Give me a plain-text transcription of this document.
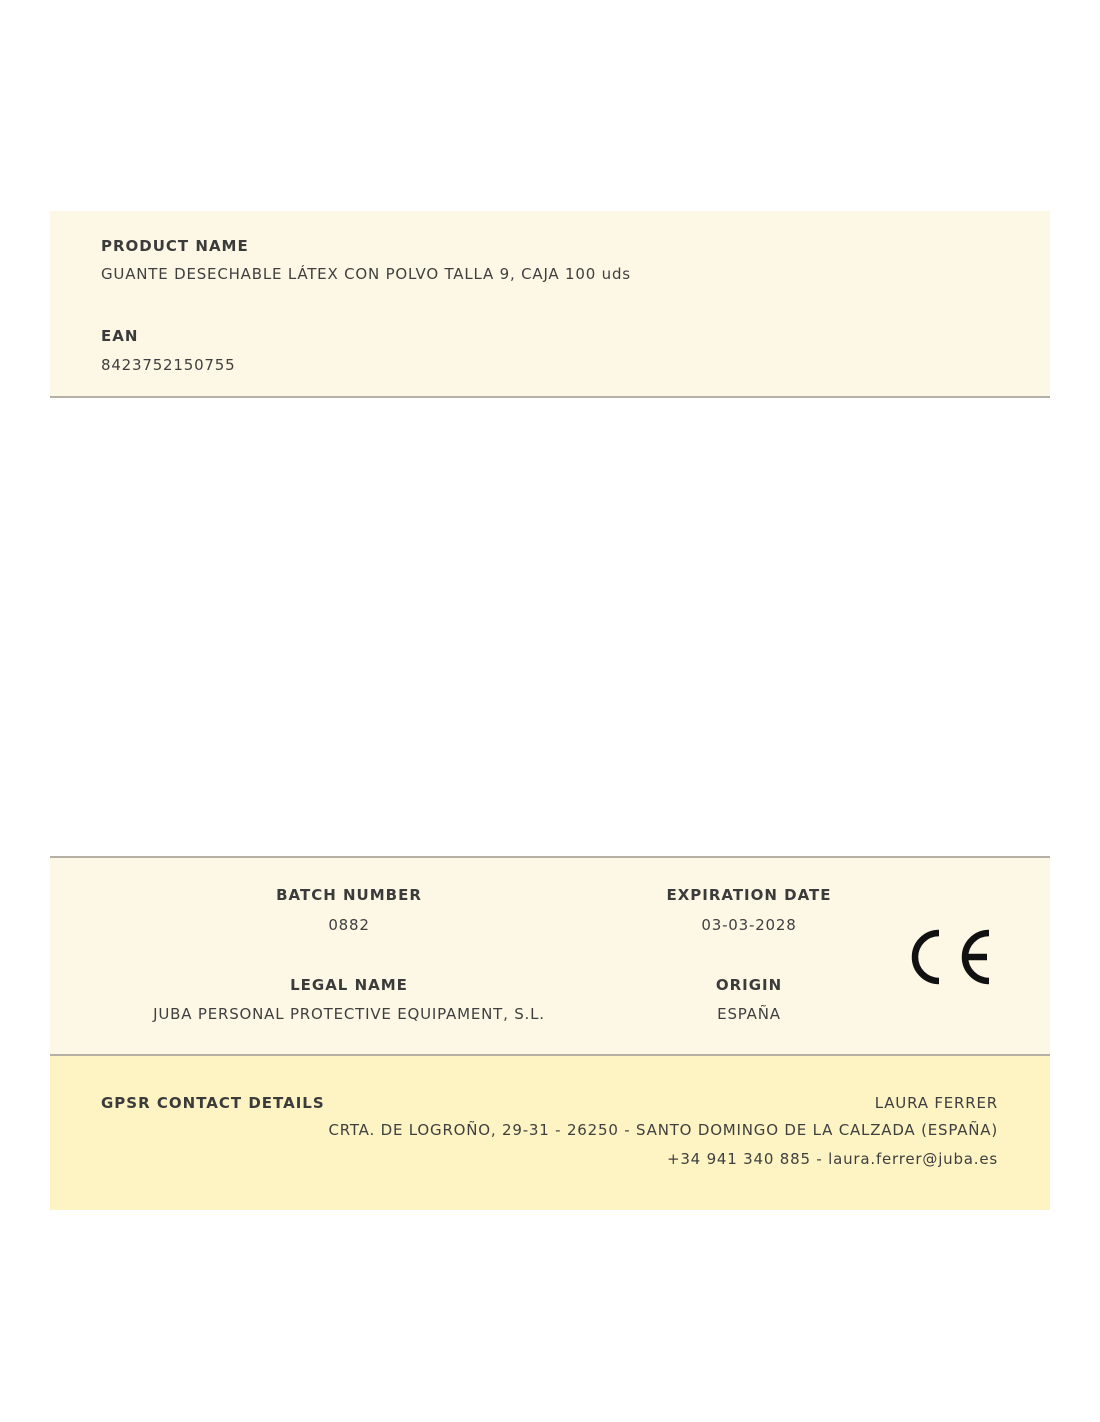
PRODUCT NAME
GUANTE DESECHABLE LÁTEX CON POLVO TALLA 9, CAJA 100 uds
EAN
8423752150755
BATCH NUMBER
0882
LEGAL NAME
JUBA PERSONAL PROTECTIVE EQUIPAMENT, S.L.
EXPIRATION DATE
03-03-2028
ORIGIN
ESPAÑA
GPSR CONTACT DETAILS	LAURA FERRER
CRTA. DE LOGROÑO, 29-31 - 26250 - SANTO DOMINGO DE LA CALZADA (ESPAÑA)
+34 941 340 885 - laura.ferrer@juba.es
